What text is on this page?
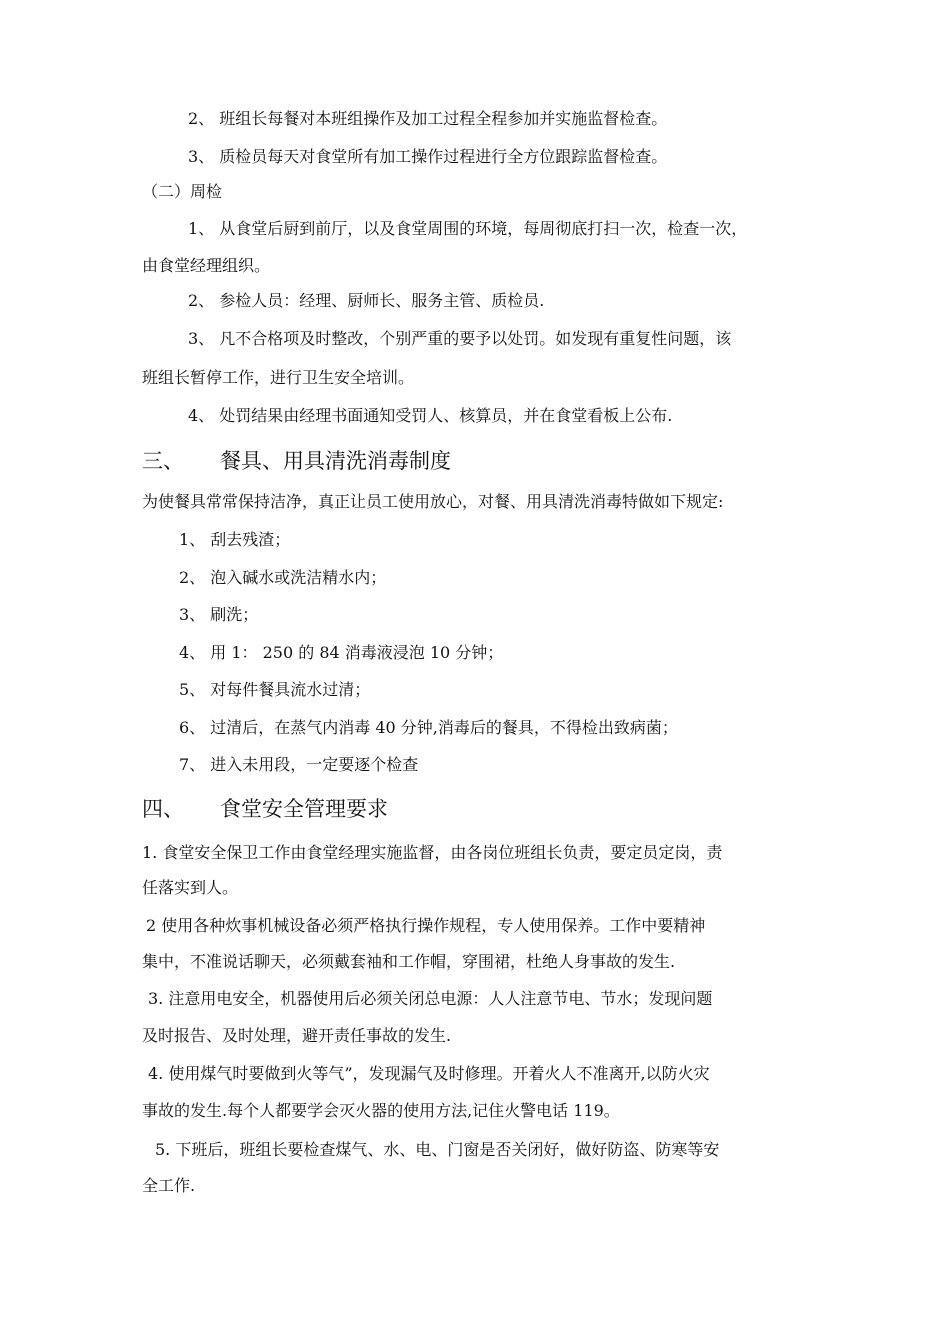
2、 班组长每餐对本班组操作及加工过程全程参加并实施监督检查。
3、 质检员每天对食堂所有加工操作过程进行全方位跟踪监督检查。
（二）周检
1、 从食堂后厨到前厅，以及食堂周围的环境，每周彻底打扫一次，检查一次，
由食堂经理组织。
2、 参检人员：经理、厨师长、服务主管、质检员.
3、 凡不合格项及时整改，个别严重的要予以处罚。如发现有重复性问题，该
班组长暂停工作，进行卫生安全培训。
4、 处罚结果由经理书面通知受罚人、核算员，并在食堂看板上公布.
三、 餐具、用具清洗消毒制度
为使餐具常常保持洁净，真正让员工使用放心，对餐、用具清洗消毒特做如下规定:
1、 刮去残渣；
2、 泡入碱水或洗洁精水内；
3、 刷洗；
4、 用 1： 250 的 84 消毒液浸泡 10 分钟；
5、 对每件餐具流水过清；
6、 过清后，在蒸气内消毒 40 分钟,消毒后的餐具，不得检出致病菌；
7、 进入未用段，一定要逐个检查
四、 食堂安全管理要求
1. 食堂安全保卫工作由食堂经理实施监督，由各岗位班组长负责，要定员定岗，责
任落实到人。
2 使用各种炊事机械设备必须严格执行操作规程，专人使用保养。工作中要精神
集中，不准说话聊天，必须戴套袖和工作帽，穿围裙，杜绝人身事故的发生.
3. 注意用电安全，机器使用后必须关闭总电源：人人注意节电、节水；发现问题
及时报告、及时处理，避开责任事故的发生.
4. 使用煤气时要做到火等气”，发现漏气及时修理。开着火人不准离开,以防火灾
事故的发生.每个人都要学会灭火器的使用方法,记住火警电话 119。
5. 下班后，班组长要检查煤气、水、电、门窗是否关闭好，做好防盗、防寒等安
全工作.
